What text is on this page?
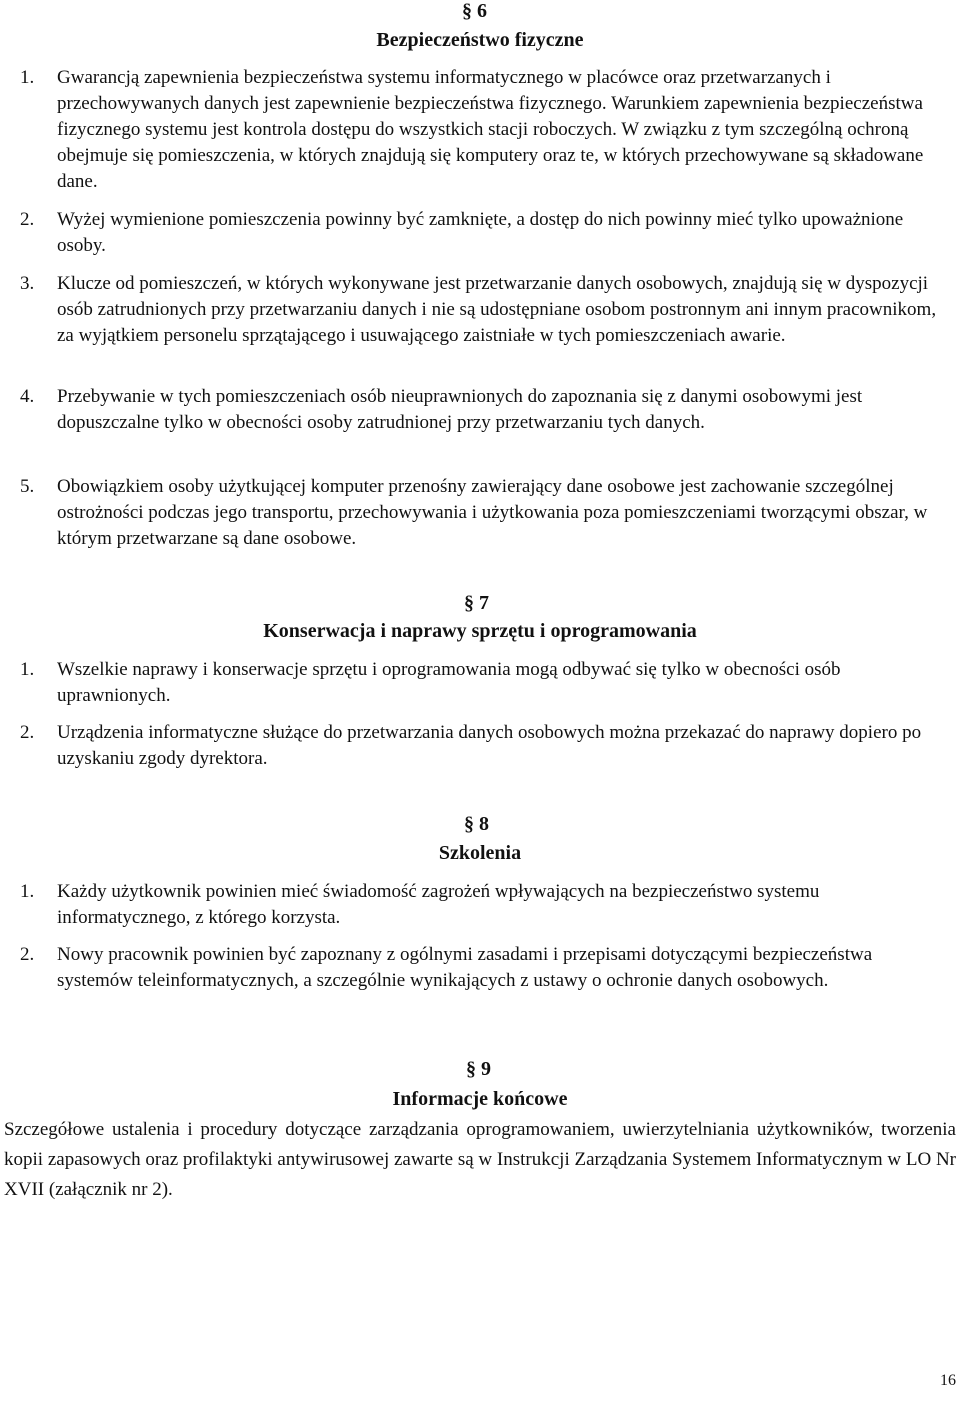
§ 6
Bezpieczeństwo fizyczne
1. Gwarancją zapewnienia bezpieczeństwa systemu informatycznego w placówce oraz przetwarzanych i przechowywanych danych jest zapewnienie bezpieczeństwa fizycznego. Warunkiem zapewnienia bezpieczeństwa fizycznego systemu jest kontrola dostępu do wszystkich stacji roboczych. W związku z tym szczególną ochroną obejmuje się pomieszczenia, w których znajdują się komputery oraz te, w których przechowywane są składowane dane.
2. Wyżej wymienione pomieszczenia powinny być zamknięte, a dostęp do nich powinny mieć tylko upoważnione osoby.
3. Klucze od pomieszczeń, w których wykonywane jest przetwarzanie danych osobowych, znajdują się w dyspozycji osób zatrudnionych przy przetwarzaniu danych i nie są udostępniane osobom postronnym ani innym pracownikom, za wyjątkiem personelu sprzątającego i usuwającego zaistniałe w tych pomieszczeniach awarie.
4. Przebywanie w tych pomieszczeniach osób nieuprawnionych do zapoznania się z danymi osobowymi jest dopuszczalne tylko w obecności osoby zatrudnionej przy przetwarzaniu tych danych.
5. Obowiązkiem osoby użytkującej komputer przenośny zawierający dane osobowe jest zachowanie szczególnej ostrożności podczas jego transportu, przechowywania i użytkowania poza pomieszczeniami tworzącymi obszar, w którym przetwarzane są dane osobowe.
§ 7
Konserwacja i naprawy sprzętu i oprogramowania
1. Wszelkie naprawy i konserwacje sprzętu i oprogramowania mogą odbywać się tylko w obecności osób uprawnionych.
2. Urządzenia informatyczne służące do przetwarzania danych osobowych można przekazać do naprawy dopiero po uzyskaniu zgody dyrektora.
§ 8
Szkolenia
1. Każdy użytkownik powinien mieć świadomość zagrożeń wpływających na bezpieczeństwo systemu informatycznego, z którego korzysta.
2. Nowy pracownik powinien być zapoznany z ogólnymi zasadami i przepisami dotyczącymi bezpieczeństwa systemów teleinformatycznych, a szczególnie wynikających z ustawy o ochronie danych osobowych.
§ 9
Informacje końcowe
Szczegółowe ustalenia i procedury dotyczące zarządzania oprogramowaniem, uwierzytelniania użytkowników, tworzenia kopii zapasowych oraz profilaktyki antywirusowej zawarte są w Instrukcji Zarządzania Systemem Informatycznym w LO Nr XVII (załącznik nr 2).
16
